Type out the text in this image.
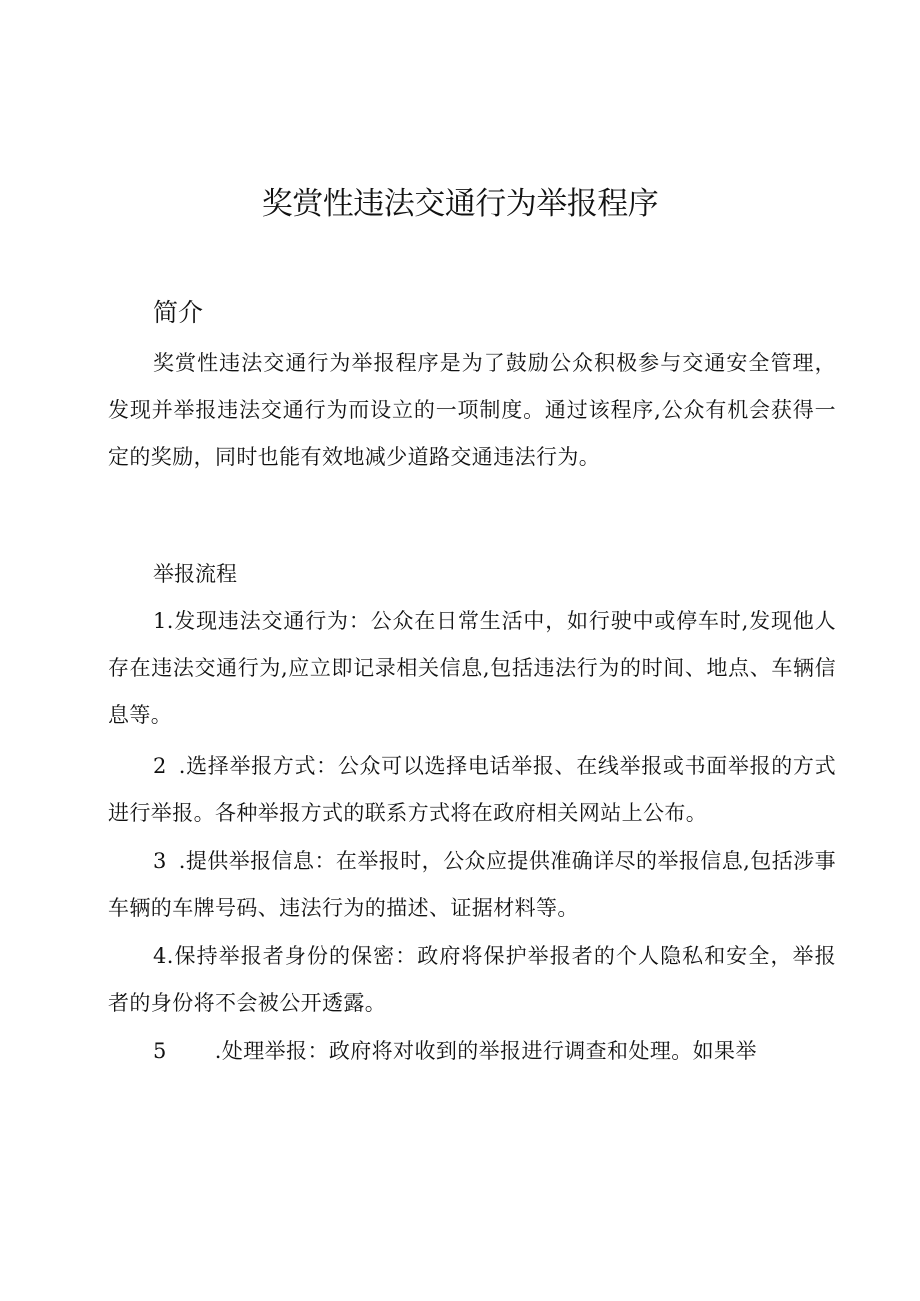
奖赏性违法交通行为举报程序
简介

奖赏性违法交通行为举报程序是为了鼓励公众积极参与交通安全管理，发现并举报违法交通行为而设立的一项制度。通过该程序,公众有机会获得一定的奖励，同时也能有效地减少道路交通违法行为。

举报流程

1.发现违法交通行为：公众在日常生活中，如行驶中或停车时,发现他人存在违法交通行为,应立即记录相关信息,包括违法行为的时间、地点、车辆信息等。

2 .选择举报方式：公众可以选择电话举报、在线举报或书面举报的方式进行举报。各种举报方式的联系方式将在政府相关网站上公布。

3 .提供举报信息：在举报时，公众应提供准确详尽的举报信息,包括涉事车辆的车牌号码、违法行为的描述、证据材料等。

4.保持举报者身份的保密：政府将保护举报者的个人隐私和安全，举报者的身份将不会被公开透露。

5 .处理举报：政府将对收到的举报进行调查和处理。如果举
